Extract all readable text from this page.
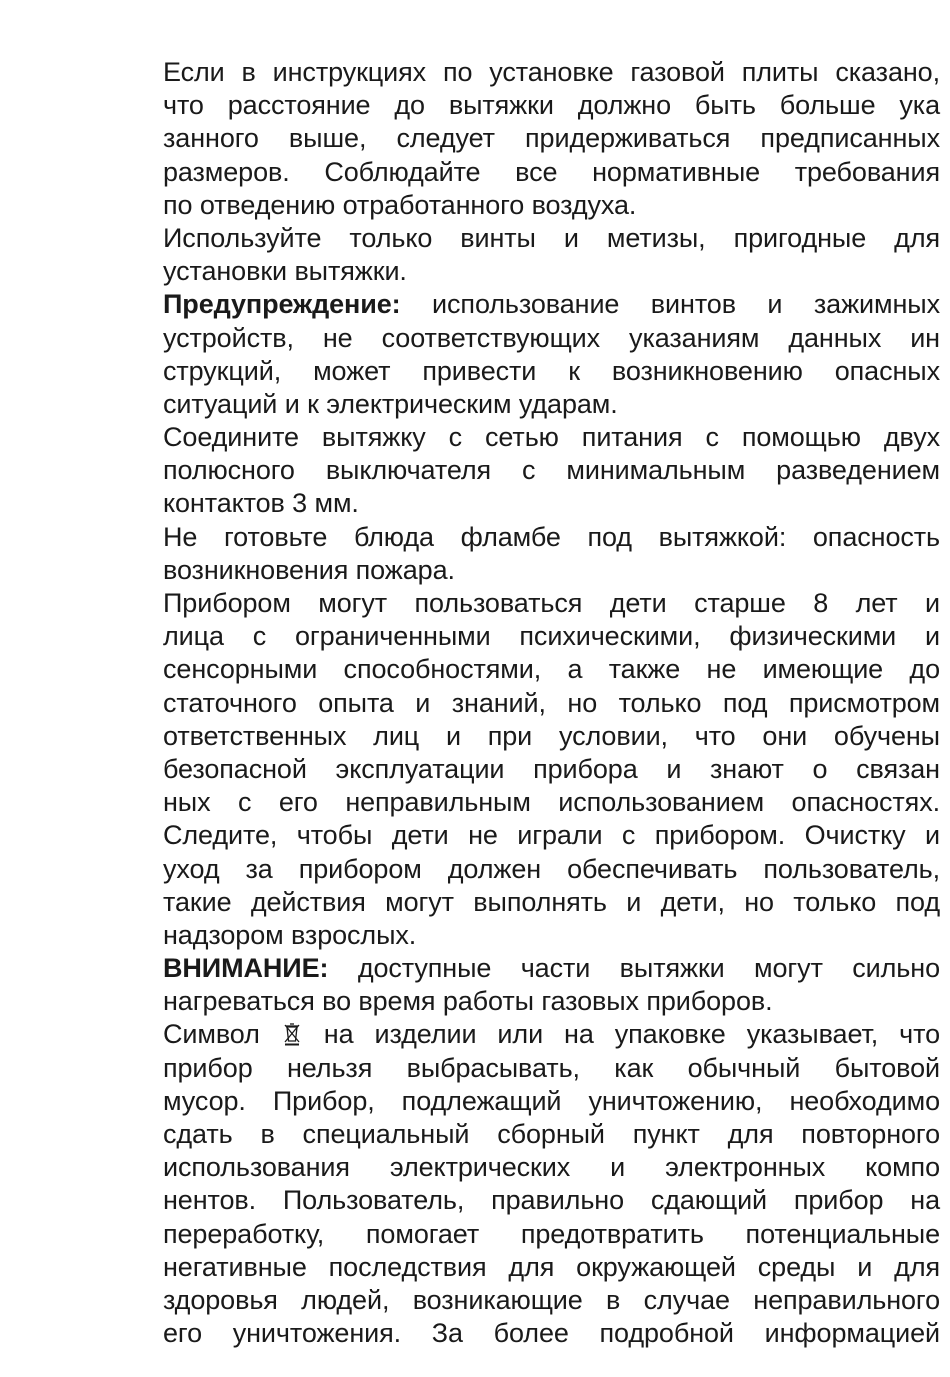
Если в инструкциях по установке газовой плиты сказано,
что расстояние до вытяжки должно быть больше ука
занного выше, следует придерживаться предписанных
размеров. Соблюдайте все нормативные требования
по отведению отработанного воздуха.
Используйте только винты и метизы, пригодные для
установки вытяжки.
Предупреждение: использование винтов и зажимных
устройств, не соответствующих указаниям данных ин
струкций, может привести к возникновению опасных
ситуаций и к электрическим ударам.
Соедините вытяжку с сетью питания с помощью двух
полюсного выключателя с минимальным разведением
контактов 3 мм.
Не готовьте блюда фламбе под вытяжкой: опасность
возникновения пожара.
Прибором могут пользоваться дети старше 8 лет и
лица с ограниченными психическими, физическими и
сенсорными способностями, а также не имеющие до
статочного опыта и знаний, но только под присмотром
ответственных лиц и при условии, что они обучены
безопасной эксплуатации прибора и знают о связан
ных с его неправильным использованием опасностях.
Следите, чтобы дети не играли с прибором. Очистку и
уход за прибором должен обеспечивать пользователь,
такие действия могут выполнять и дети, но только под
надзором взрослых.
ВНИМАНИЕ: доступные части вытяжки могут сильно
нагреваться во время работы газовых приборов.
Символ  на изделии или на упаковке указывает, что
прибор нельзя выбрасывать, как обычный бытовой
мусор. Прибор, подлежащий уничтожению, необходимо
сдать в специальный сборный пункт для повторного
использования электрических и электронных компо
нентов. Пользователь, правильно сдающий прибор на
переработку, помогает предотвратить потенциальные
негативные последствия для окружающей среды и для
здоровья людей, возникающие в случае неправильного
его уничтожения. За более подробной информацией
